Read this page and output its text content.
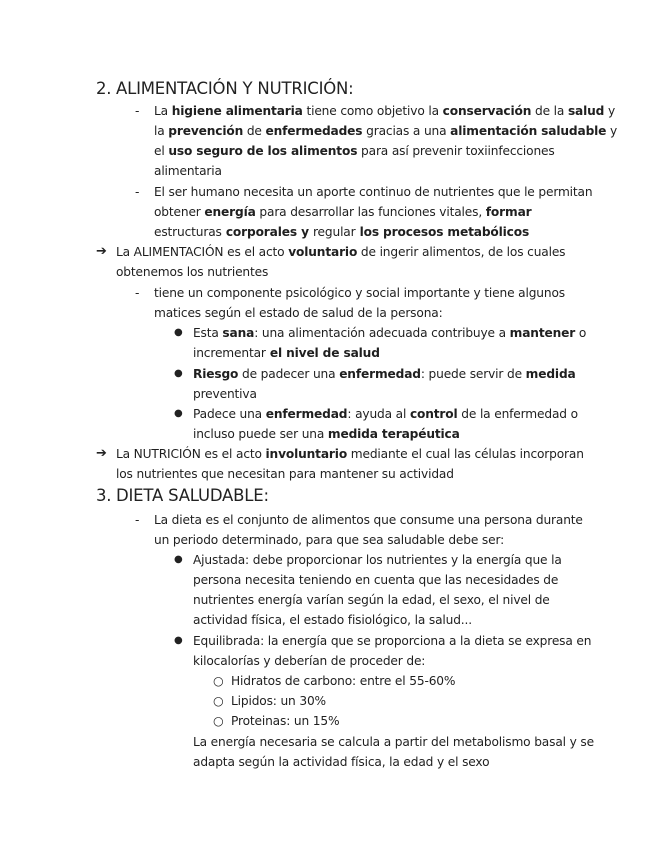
2. ALIMENTACIÓN Y NUTRICIÓN:
-
-
➔
-
●
●
●
➔
3. DIETA SALUDABLE:
-
●
●
○
○
○
La higiene alimentaria tiene como objetivo la conservación de la salud y
la prevención de enfermedades gracias a una alimentación saludable y
el uso seguro de los alimentos para así prevenir toxiinfecciones
alimentaria
El ser humano necesita un aporte continuo de nutrientes que le permitan
obtener energía para desarrollar las funciones vitales, formar
estructuras corporales y regular los procesos metabólicos
La ALIMENTACIÓN es el acto voluntario de ingerir alimentos, de los cuales
obtenemos los nutrientes
tiene un componente psicológico y social importante y tiene algunos
matices según el estado de salud de la persona:
Esta sana: una alimentación adecuada contribuye a mantener o
incrementar el nivel de salud
Riesgo de padecer una enfermedad: puede servir de medida
preventiva
Padece una enfermedad: ayuda al control de la enfermedad o
incluso puede ser una medida terapéutica
La NUTRICIÓN es el acto involuntario mediante el cual las células incorporan
los nutrientes que necesitan para mantener su actividad
La dieta es el conjunto de alimentos que consume una persona durante
un periodo determinado, para que sea saludable debe ser:
Ajustada: debe proporcionar los nutrientes y la energía que la
persona necesita teniendo en cuenta que las necesidades de
nutrientes energía varían según la edad, el sexo, el nivel de
actividad física, el estado fisiológico, la salud...
Equilibrada: la energía que se proporciona a la dieta se expresa en
kilocalorías y deberían de proceder de:
Hidratos de carbono: entre el 55-60%
Lipidos: un 30%
Proteinas: un 15%
La energía necesaria se calcula a partir del metabolismo basal y se
adapta según la actividad física, la edad y el sexo
